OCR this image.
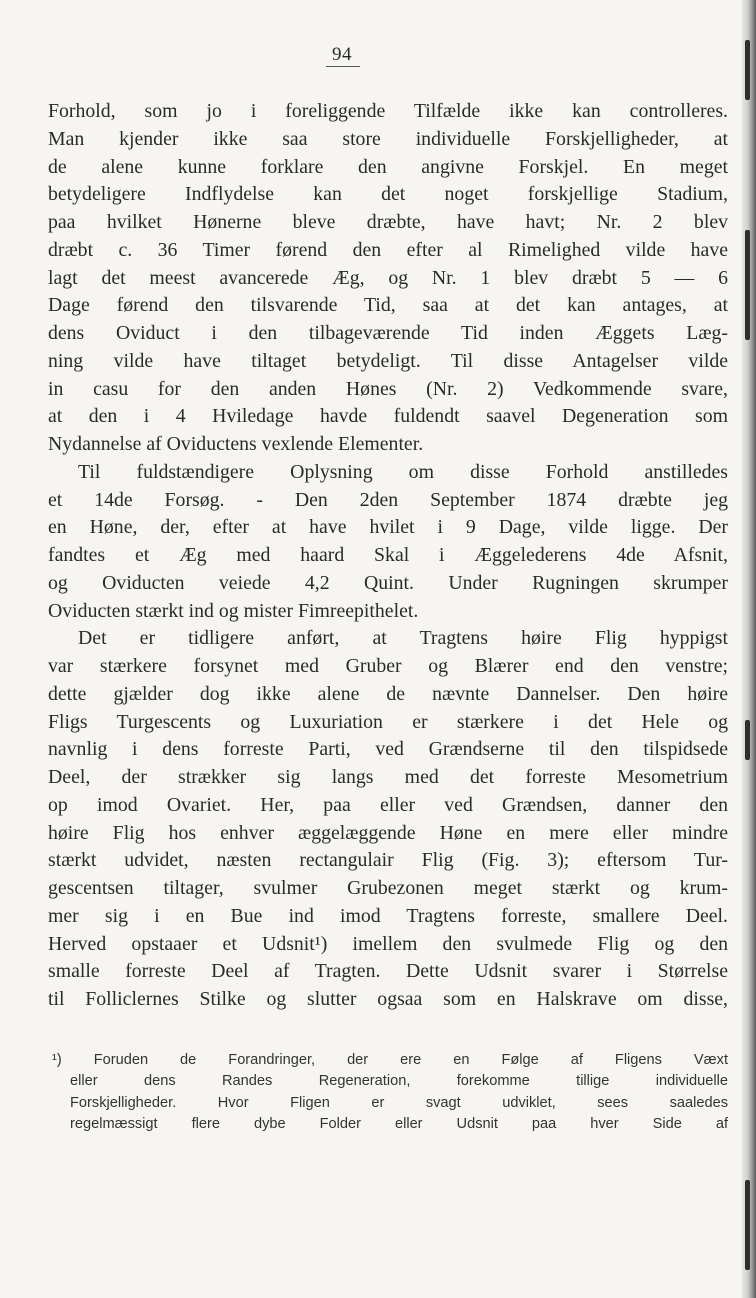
94
Forhold, som jo i foreliggende Tilfælde ikke kan controlleres.
Man kjender ikke saa store individuelle Forskjelligheder, at
de alene kunne forklare den angivne Forskjel. En meget
betydeligere Indflydelse kan det noget forskjellige Stadium,
paa hvilket Hønerne bleve dræbte, have havt; Nr. 2 blev
dræbt c. 36 Timer førend den efter al Rimelighed vilde have
lagt det meest avancerede Æg, og Nr. 1 blev dræbt 5 — 6
Dage førend den tilsvarende Tid, saa at det kan antages, at
dens Oviduct i den tilbageværende Tid inden Æggets Læg-
ning vilde have tiltaget betydeligt. Til disse Antagelser vilde
in casu for den anden Hønes (Nr. 2) Vedkommende svare,
at den i 4 Hviledage havde fuldendt saavel Degeneration som
Nydannelse af Oviductens vexlende Elementer.
Til fuldstændigere Oplysning om disse Forhold anstilledes
et 14de Forsøg. - Den 2den September 1874 dræbte jeg
en Høne, der, efter at have hvilet i 9 Dage, vilde ligge. Der
fandtes et Æg med haard Skal i Æggelederens 4de Afsnit,
og Oviducten veiede 4,2 Quint. Under Rugningen skrumper
Oviducten stærkt ind og mister Fimreepithelet.
Det er tidligere anført, at Tragtens høire Flig hyppigst
var stærkere forsynet med Gruber og Blærer end den venstre;
dette gjælder dog ikke alene de nævnte Dannelser. Den høire
Fligs Turgescents og Luxuriation er stærkere i det Hele og
navnlig i dens forreste Parti, ved Grændserne til den tilspidsede
Deel, der strækker sig langs med det forreste Mesometrium
op imod Ovariet. Her, paa eller ved Grændsen, danner den
høire Flig hos enhver æggelæggende Høne en mere eller mindre
stærkt udvidet, næsten rectangulair Flig (Fig. 3); eftersom Tur-
gescentsen tiltager, svulmer Grubezonen meget stærkt og krum-
mer sig i en Bue ind imod Tragtens forreste, smallere Deel.
Herved opstaaer et Udsnit¹) imellem den svulmede Flig og den
smalle forreste Deel af Tragten. Dette Udsnit svarer i Størrelse
til Folliclernes Stilke og slutter ogsaa som en Halskrave om disse,
¹) Foruden de Forandringer, der ere en Følge af Fligens Væxt
eller dens Randes Regeneration, forekomme tillige individuelle
Forskjelligheder. Hvor Fligen er svagt udviklet, sees saaledes
regelmæssigt flere dybe Folder eller Udsnit paa hver Side af
